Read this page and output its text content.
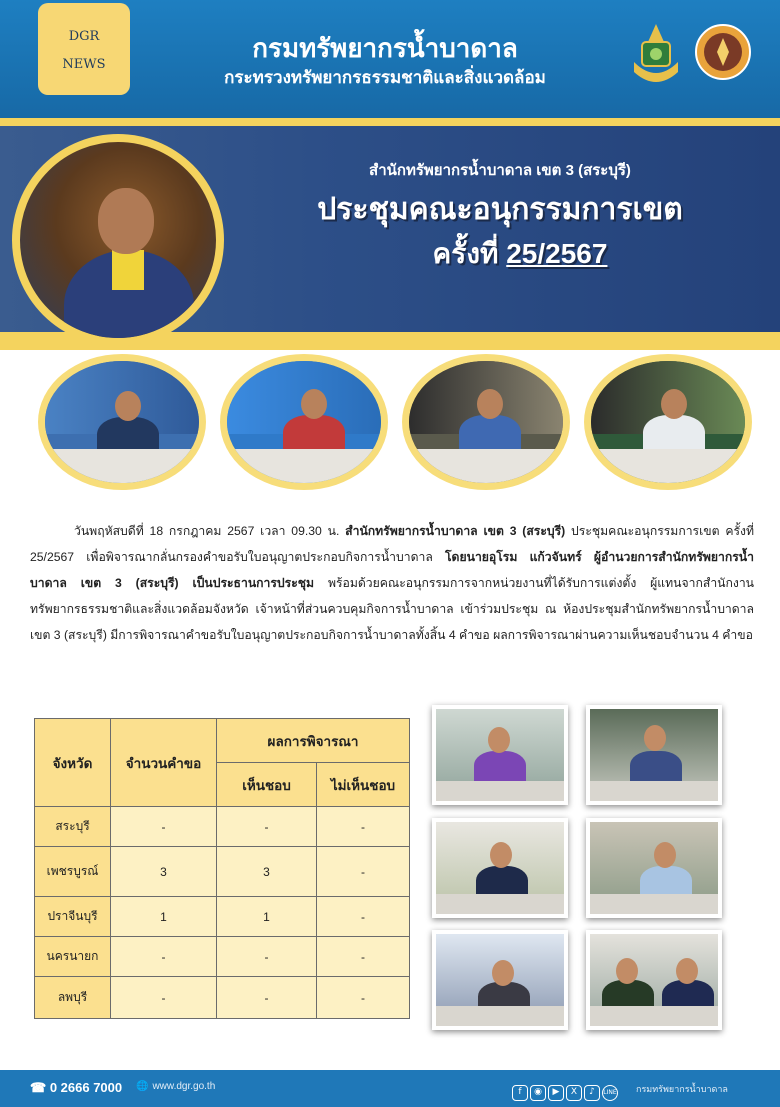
DGR
NEWS
กรมทรัพยากรน้ำบาดาล
กระทรวงทรัพยากรธรรมชาติและสิ่งแวดล้อม
สำนักทรัพยากรน้ำบาดาล เขต 3 (สระบุรี)
ประชุมคณะอนุกรรมการเขต
ครั้งที่ 25/2567
วันพฤหัสบดีที่ 18 กรกฎาคม 2567 เวลา 09.30 น. สำนักทรัพยากรน้ำบาดาล เขต 3 (สระบุรี) ประชุมคณะอนุกรรมการเขต ครั้งที่ 25/2567 เพื่อพิจารณากลั่นกรองคำขอรับใบอนุญาตประกอบกิจการน้ำบาดาล โดยนายอุโรม แก้วจันทร์ ผู้อำนวยการสำนักทรัพยากรน้ำบาดาล เขต 3 (สระบุรี) เป็นประธานการประชุม พร้อมด้วยคณะอนุกรรมการจากหน่วยงานที่ได้รับการแต่งตั้ง ผู้แทนจากสำนักงานทรัพยากรธรรมชาติและสิ่งแวดล้อมจังหวัด เจ้าหน้าที่ส่วนควบคุมกิจการน้ำบาดาล เข้าร่วมประชุม ณ ห้องประชุมสำนักทรัพยากรน้ำบาดาล เขต 3 (สระบุรี) มีการพิจารณาคำขอรับใบอนุญาตประกอบกิจการน้ำบาดาลทั้งสิ้น 4 คำขอ ผลการพิจารณาผ่านความเห็นชอบจำนวน 4 คำขอ
จังหวัด	จำนวนคำขอ	ผลการพิจารณา	
		เห็นชอบ	ไม่เห็นชอบ
สระบุรี	-	-	-
เพชรบูรณ์	3	3	-
ปราจีนบุรี	1	1	-
นครนายก	-	-	-
ลพบุรี	-	-	-
☎ 0 2666 7000	🌐 www.dgr.go.th	f ◉ ▶ X ♪ LINE	กรมทรัพยากรน้ำบาดาล
